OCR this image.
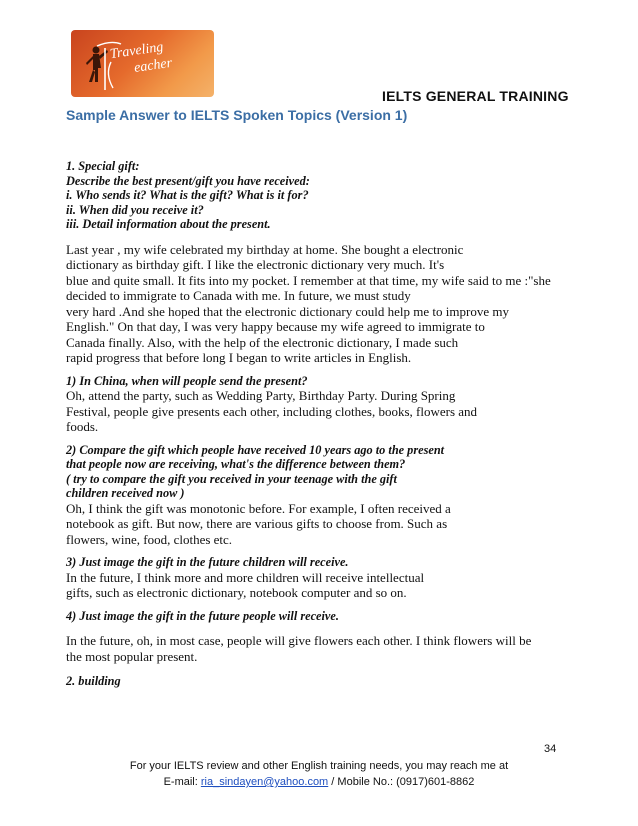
Traveling
eacher
IELTS GENERAL TRAINING
Sample Answer to IELTS Spoken Topics (Version 1)

1. Special gift:

Describe the best present/gift you have received:

i. Who sends it? What is the gift? What is it for?

ii. When did you receive it?

iii. Detail information about the present.

Last year , my wife celebrated my birthday at home. She bought a electronic

dictionary as birthday gift. I like the electronic dictionary very much. It's

blue and quite small. It fits into my pocket. I remember at that time, my wife said to me :"she

decided to immigrate to Canada with me. In future, we must study

very hard .And she hoped that the electronic dictionary could help me to improve my

English." On that day, I was very happy because my wife agreed to immigrate to

Canada finally. Also, with the help of the electronic dictionary, I made such

rapid progress that before long I began to write articles in English.

1) In China, when will people send the present?

Oh, attend the party, such as Wedding Party, Birthday Party. During Spring

Festival, people give presents each other, including clothes, books, flowers and

foods.

2) Compare the gift which people have received 10 years ago to the present

that people now are receiving, what's the difference between them?

( try to compare the gift you received in your teenage with the gift

children received now )

Oh, I think the gift was monotonic before. For example, I often received a

notebook as gift. But now, there are various gifts to choose from. Such as

flowers, wine, food, clothes etc.

3) Just image the gift in the future children will receive.

In the future, I think more and more children will receive intellectual

gifts, such as electronic dictionary, notebook computer and so on.

4) Just image the gift in the future people will receive.

In the future, oh, in most case, people will give flowers each other. I think flowers will be

the most popular present.

2. building

34
For your IELTS review and other English training needs, you may reach me at
E-mail: ria_sindayen@yahoo.com / Mobile No.: (0917)601-8862
